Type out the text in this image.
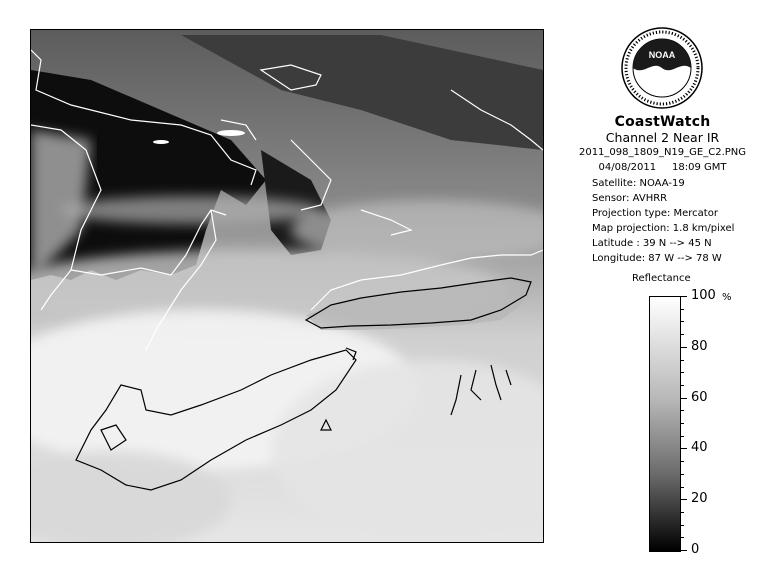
NOAA
CoastWatch
Channel 2 Near IR
2011_098_1809_N19_GE_C2.PNG
04/08/2011     18:09 GMT
Satellite: NOAA-19
Sensor: AVHRR
Projection type: Mercator
Map projection: 1.8 km/pixel
Latitude : 39 N --> 45 N
Longitude: 87 W --> 78 W
Reflectance
%
100
80
60
40
20
0
